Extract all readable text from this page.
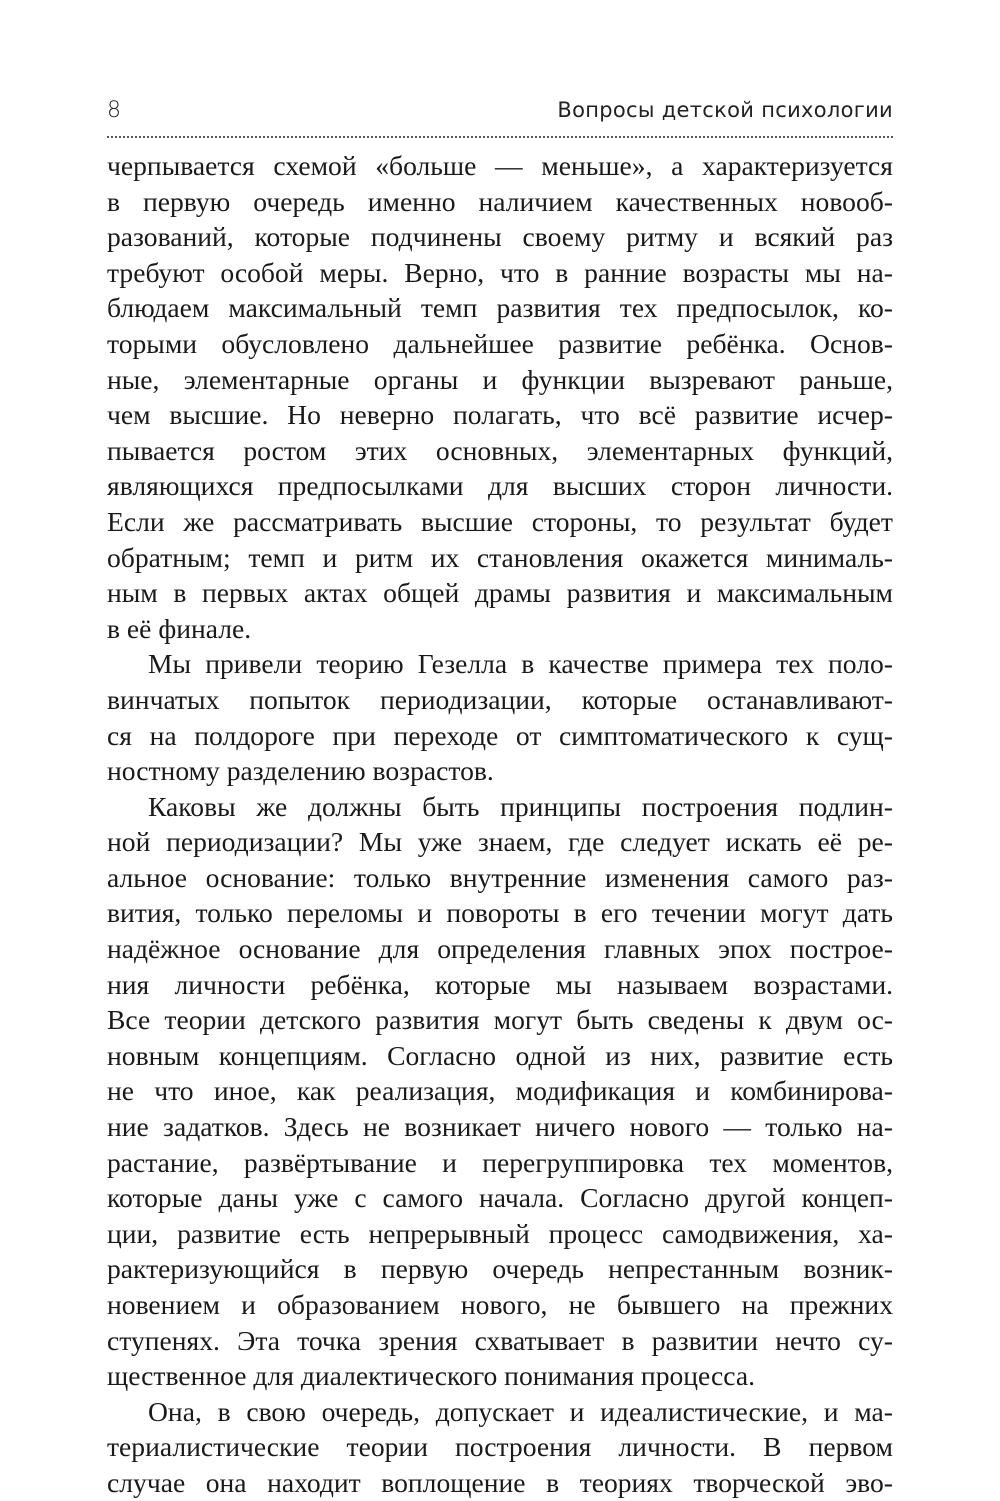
8	Вопросы детской психологии
черпывается схемой «больше — меньше», а характеризуется
в первую очередь именно наличием качественных новооб-
разований, которые подчинены своему ритму и всякий раз
требуют особой меры. Верно, что в ранние возрасты мы на-
блюдаем максимальный темп развития тех предпосылок, ко-
торыми обусловлено дальнейшее развитие ребёнка. Основ-
ные, элементарные органы и функции вызревают раньше,
чем высшие. Но неверно полагать, что всё развитие исчер-
пывается ростом этих основных, элементарных функций,
являющихся предпосылками для высших сторон личности.
Если же рассматривать высшие стороны, то результат будет
обратным; темп и ритм их становления окажется минималь-
ным в первых актах общей драмы развития и максимальным
в её финале.
Мы привели теорию Гезелла в качестве примера тех поло-
винчатых попыток периодизации, которые останавливают-
ся на полдороге при переходе от симптоматического к сущ-
ностному разделению возрастов.
Каковы же должны быть принципы построения подлин-
ной периодизации? Мы уже знаем, где следует искать её ре-
альное основание: только внутренние изменения самого раз-
вития, только переломы и повороты в его течении могут дать
надёжное основание для определения главных эпох построе-
ния личности ребёнка, которые мы называем возрастами.
Все теории детского развития могут быть сведены к двум ос-
новным концепциям. Согласно одной из них, развитие есть
не что иное, как реализация, модификация и комбинирова-
ние задатков. Здесь не возникает ничего нового — только на-
растание, развёртывание и перегруппировка тех моментов,
которые даны уже с самого начала. Согласно другой концеп-
ции, развитие есть непрерывный процесс самодвижения, ха-
рактеризующийся в первую очередь непрестанным возник-
новением и образованием нового, не бывшего на прежних
ступенях. Эта точка зрения схватывает в развитии нечто су-
щественное для диалектического понимания процесса.
Она, в свою очередь, допускает и идеалистические, и ма-
териалистические теории построения личности. В первом
случае она находит воплощение в теориях творческой эво-
